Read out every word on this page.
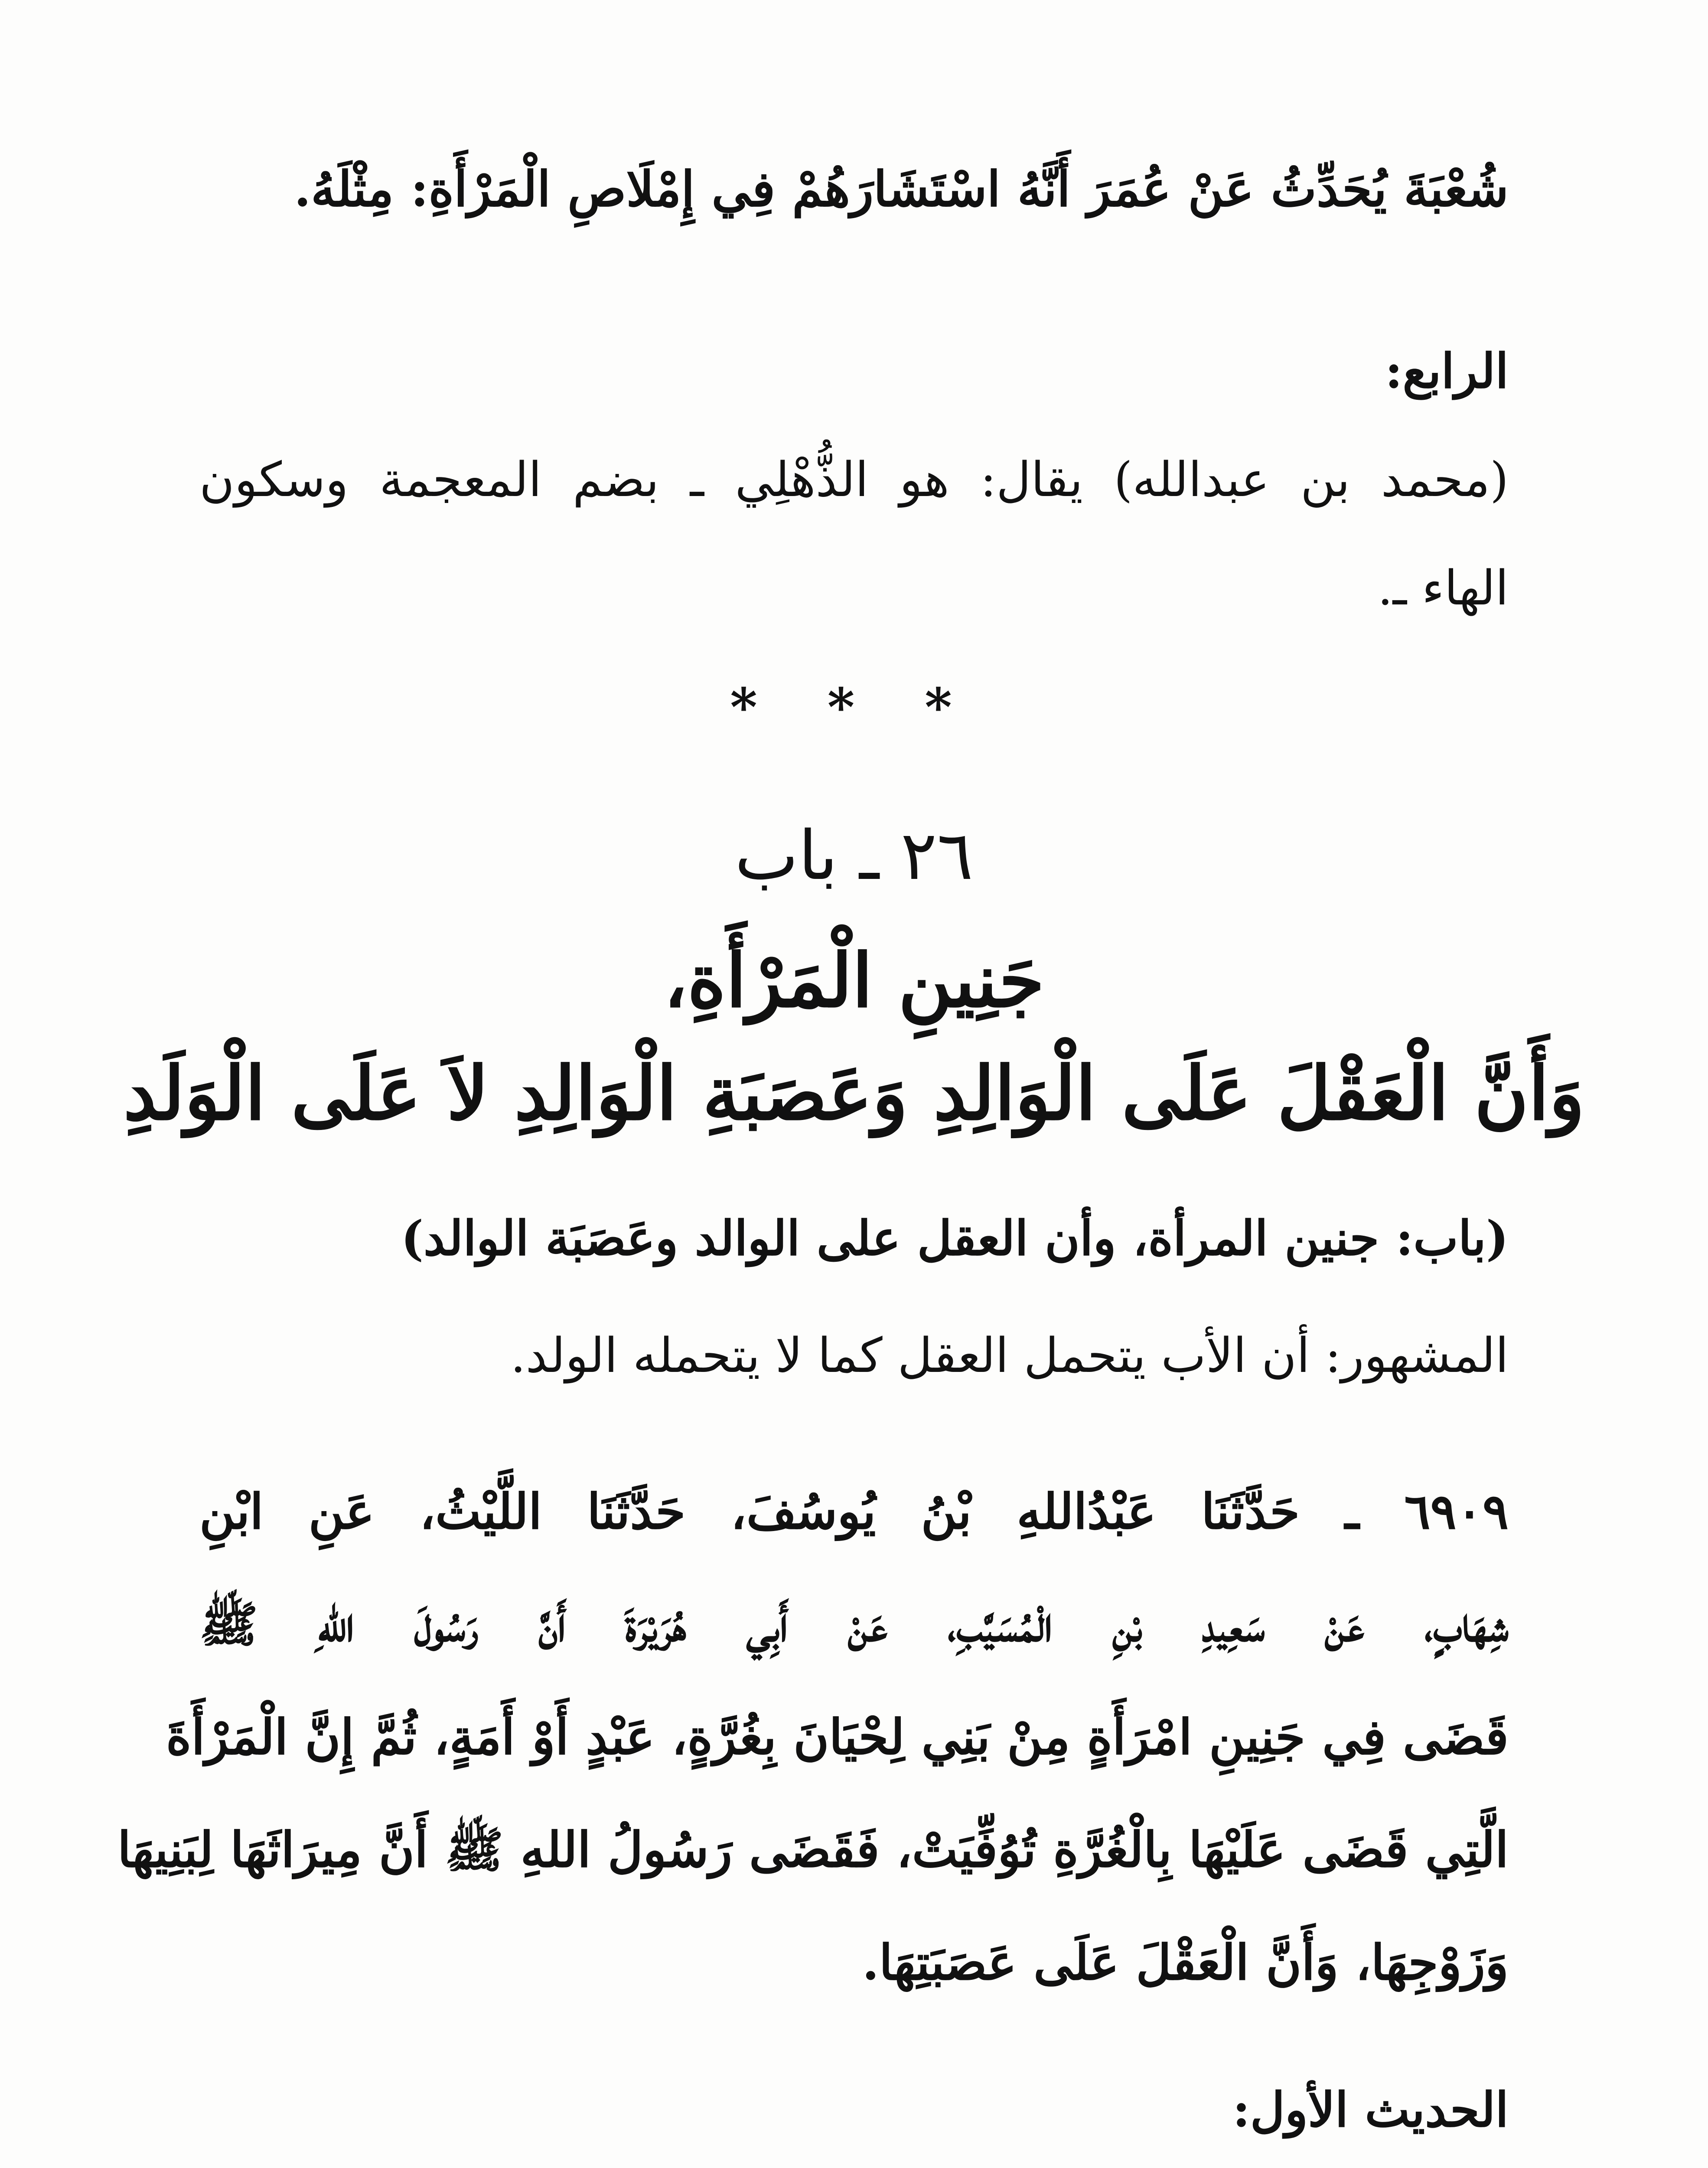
شُعْبَةَ يُحَدِّثُ عَنْ عُمَرَ أَنَّهُ اسْتَشَارَهُمْ فِي إِمْلَاصِ الْمَرْأَةِ: مِثْلَهُ.

الرابع:

(محمد بن عبدالله) يقال: هو الذُّهْلِي ـ بضم المعجمة وسكون

الهاء ـ.

* * *
٢٦ ـ باب
جَنِينِ الْمَرْأَةِ،
وَأَنَّ الْعَقْلَ عَلَى الْوَالِدِ وَعَصَبَةِ الْوَالِدِ لاَ عَلَى الْوَلَدِ

(باب: جنين المرأة، وأن العقل على الوالد وعَصَبَة الوالد)

المشهور: أن الأب يتحمل العقل كما لا يتحمله الولد.

٦٩٠٩ ـ حَدَّثَنَا عَبْدُاللهِ بْنُ يُوسُفَ، حَدَّثَنَا اللَّيْثُ، عَنِ ابْنِ

شِهَابٍ، عَنْ سَعِيدِ بْنِ الْمُسَيَّبِ، عَنْ أَبِي هُرَيْرَةَ أَنَّ رَسُولَ اللهِ ﷺ

قَضَى فِي جَنِينِ امْرَأَةٍ مِنْ بَنِي لِحْيَانَ بِغُرَّةٍ، عَبْدٍ أَوْ أَمَةٍ، ثُمَّ إِنَّ الْمَرْأَةَ

الَّتِي قَضَى عَلَيْهَا بِالْغُرَّةِ تُوُفِّيَتْ، فَقَضَى رَسُولُ اللهِ ﷺ أَنَّ مِيرَاثَهَا لِبَنِيهَا

وَزَوْجِهَا، وَأَنَّ الْعَقْلَ عَلَى عَصَبَتِهَا.

الحديث الأول:
